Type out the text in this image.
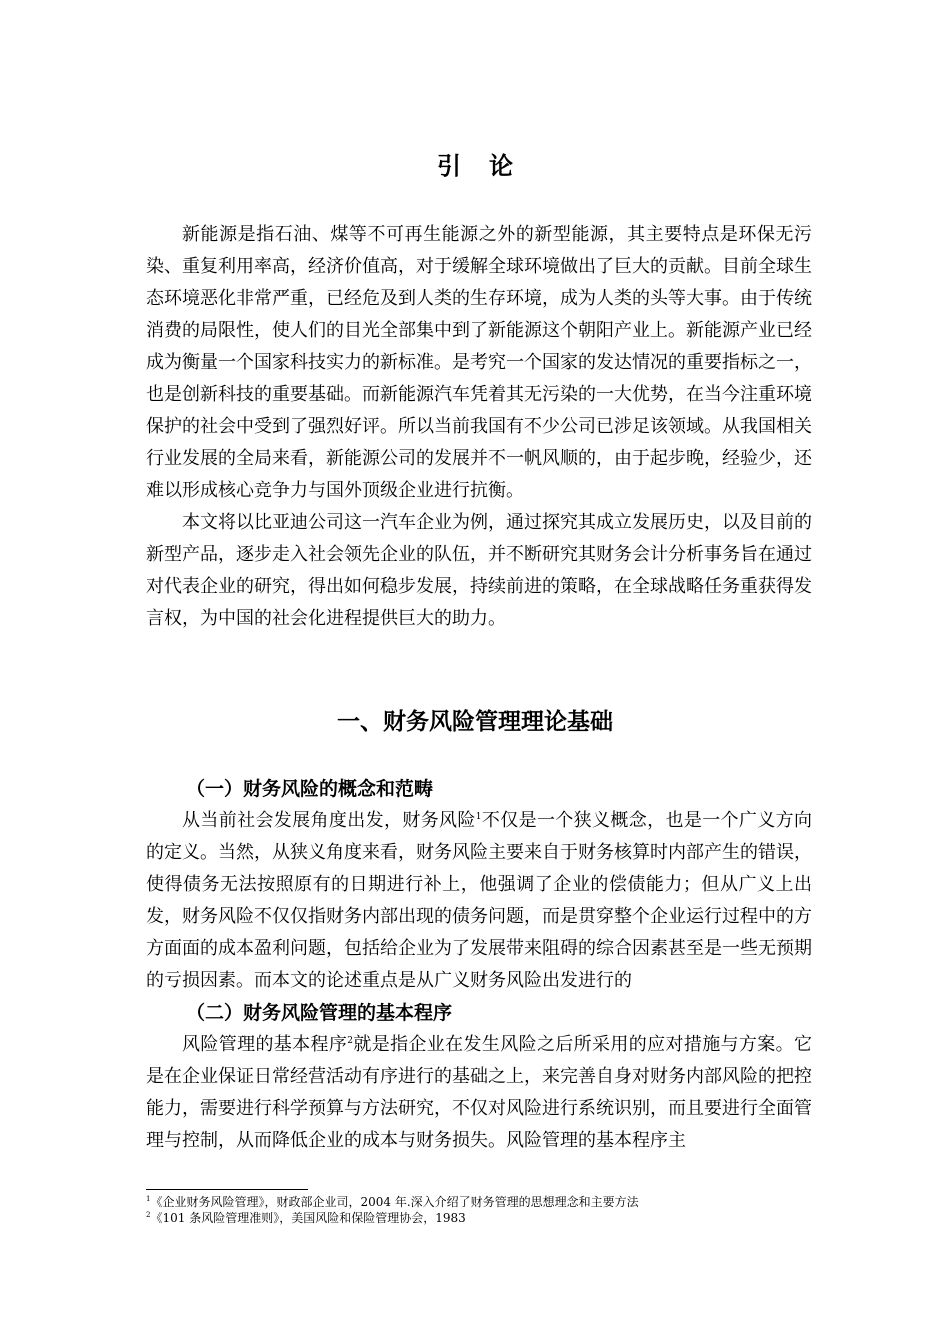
引论

新能源是指石油、煤等不可再生能源之外的新型能源，其主要特点是环保无污染、重复利用率高，经济价值高，对于缓解全球环境做出了巨大的贡献。目前全球生态环境恶化非常严重，已经危及到人类的生存环境，成为人类的头等大事。由于传统消费的局限性，使人们的目光全部集中到了新能源这个朝阳产业上。新能源产业已经成为衡量一个国家科技实力的新标准。是考究一个国家的发达情况的重要指标之一，也是创新科技的重要基础。而新能源汽车凭着其无污染的一大优势，在当今注重环境保护的社会中受到了强烈好评。所以当前我国有不少公司已涉足该领域。从我国相关行业发展的全局来看，新能源公司的发展并不一帆风顺的，由于起步晚，经验少，还难以形成核心竞争力与国外顶级企业进行抗衡。

本文将以比亚迪公司这一汽车企业为例，通过探究其成立发展历史，以及目前的新型产品，逐步走入社会领先企业的队伍，并不断研究其财务会计分析事务旨在通过对代表企业的研究，得出如何稳步发展，持续前进的策略，在全球战略任务重获得发言权，为中国的社会化进程提供巨大的助力。

一、财务风险管理理论基础
（一）财务风险的概念和范畴

从当前社会发展角度出发，财务风险$^1$不仅是一个狭义概念，也是一个广义方向的定义。当然，从狭义角度来看，财务风险主要来自于财务核算时内部产生的错误，使得债务无法按照原有的日期进行补上，他强调了企业的偿债能力；但从广义上出发，财务风险不仅仅指财务内部出现的债务问题，而是贯穿整个企业运行过程中的方方面面的成本盈利问题，包括给企业为了发展带来阻碍的综合因素甚至是一些无预期的亏损因素。而本文的论述重点是从广义财务风险出发进行的

（二）财务风险管理的基本程序

风险管理的基本程序$^2$就是指企业在发生风险之后所采用的应对措施与方案。它是在企业保证日常经营活动有序进行的基础之上，来完善自身对财务内部风险的把控能力，需要进行科学预算与方法研究，不仅对风险进行系统识别，而且要进行全面管理与控制，从而降低企业的成本与财务损失。风险管理的基本程序主

$^1$《企业财务风险管理》，财政部企业司，2004 年.深入介绍了财务管理的思想理念和主要方法
$^2$《101 条风险管理准则》，美国风险和保险管理协会，1983
